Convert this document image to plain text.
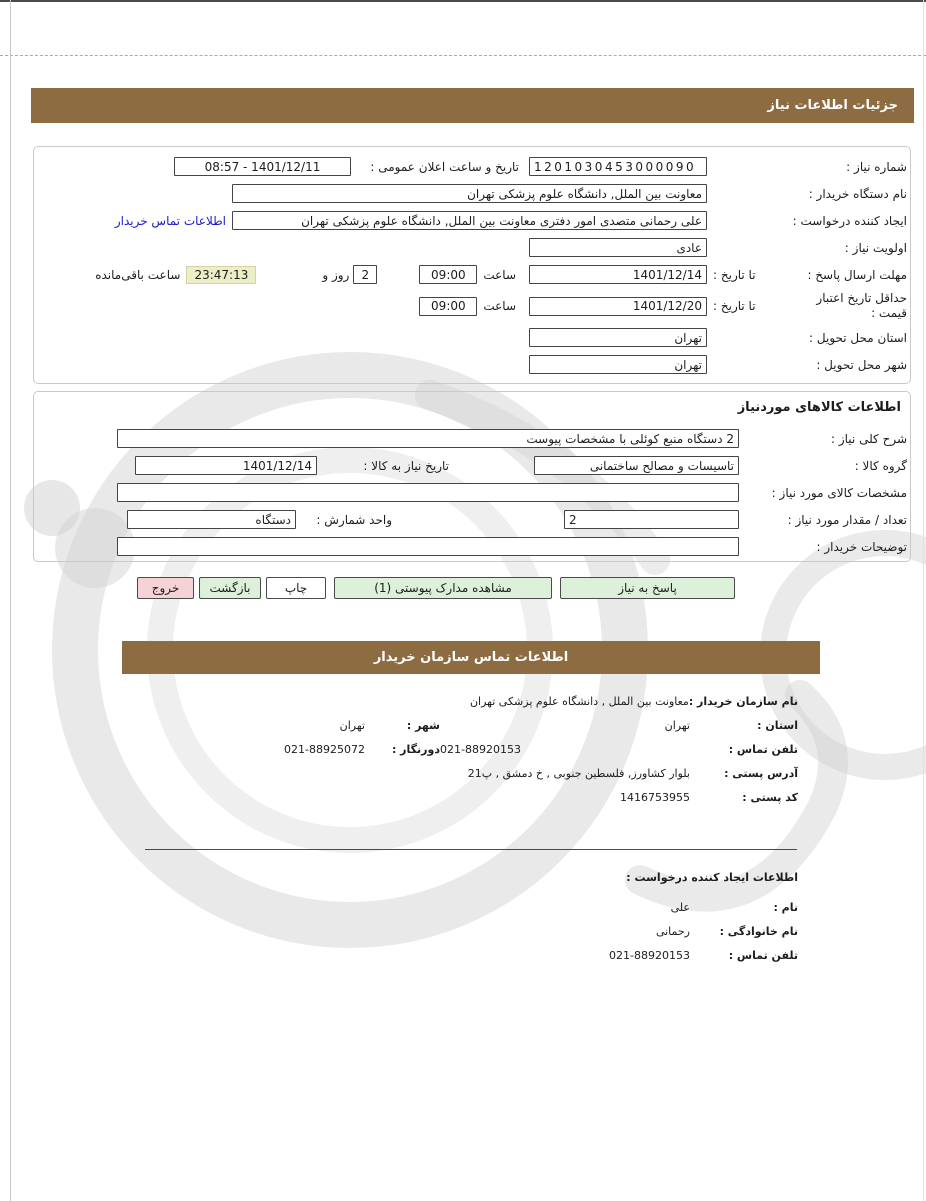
جزئیات اطلاعات نیاز
شماره نیاز :
1201030453000090
تاریخ و ساعت اعلان عمومی :
08:57 - 1401/12/11
نام دستگاه خریدار :
معاونت بین الملل, دانشگاه علوم پزشکی تهران
ایجاد کننده درخواست :
علی رحمانی متصدی امور دفتری معاونت بین الملل, دانشگاه علوم پزشکی تهران
اطلاعات تماس خریدار
اولویت نیاز :
عادی
مهلت ارسال پاسخ :
تا تاریخ :
1401/12/14
ساعت
09:00
2
روز و
23:47:13
ساعت باقی‌مانده
حداقل تاریخ اعتبار قیمت :
تا تاریخ :
1401/12/20
ساعت
09:00
استان محل تحویل :
تهران
شهر محل تحویل :
تهران
اطلاعات کالاهای موردنیاز
شرح کلی نیاز :
2 دستگاه منبع کوئلی با مشخصات پیوست
گروه کالا :
تاسیسات و مصالح ساختمانی
تاریخ نیاز به کالا :
1401/12/14
مشخصات کالای مورد نیاز :
تعداد / مقدار مورد نیاز :
2
واحد شمارش :
دستگاه
توضیحات خریدار :
پاسخ به نیاز
مشاهده مدارک پیوستی (1)
چاپ
بازگشت
خروج
اطلاعات تماس سازمان خریدار
نام سازمان خریدار :
معاونت بین الملل , دانشگاه علوم پزشکی تهران
استان :
تهران
شهر :
تهران
تلفن تماس :
021-88920153
دورنگار :
021-88925072
آدرس پستی :
بلوار کشاورز, فلسطین جنوبی , خ دمشق , پ21
کد پستی :
1416753955
اطلاعات ایجاد کننده درخواست :
نام :
علی
نام خانوادگی :
رحمانی
تلفن تماس :
021-88920153
